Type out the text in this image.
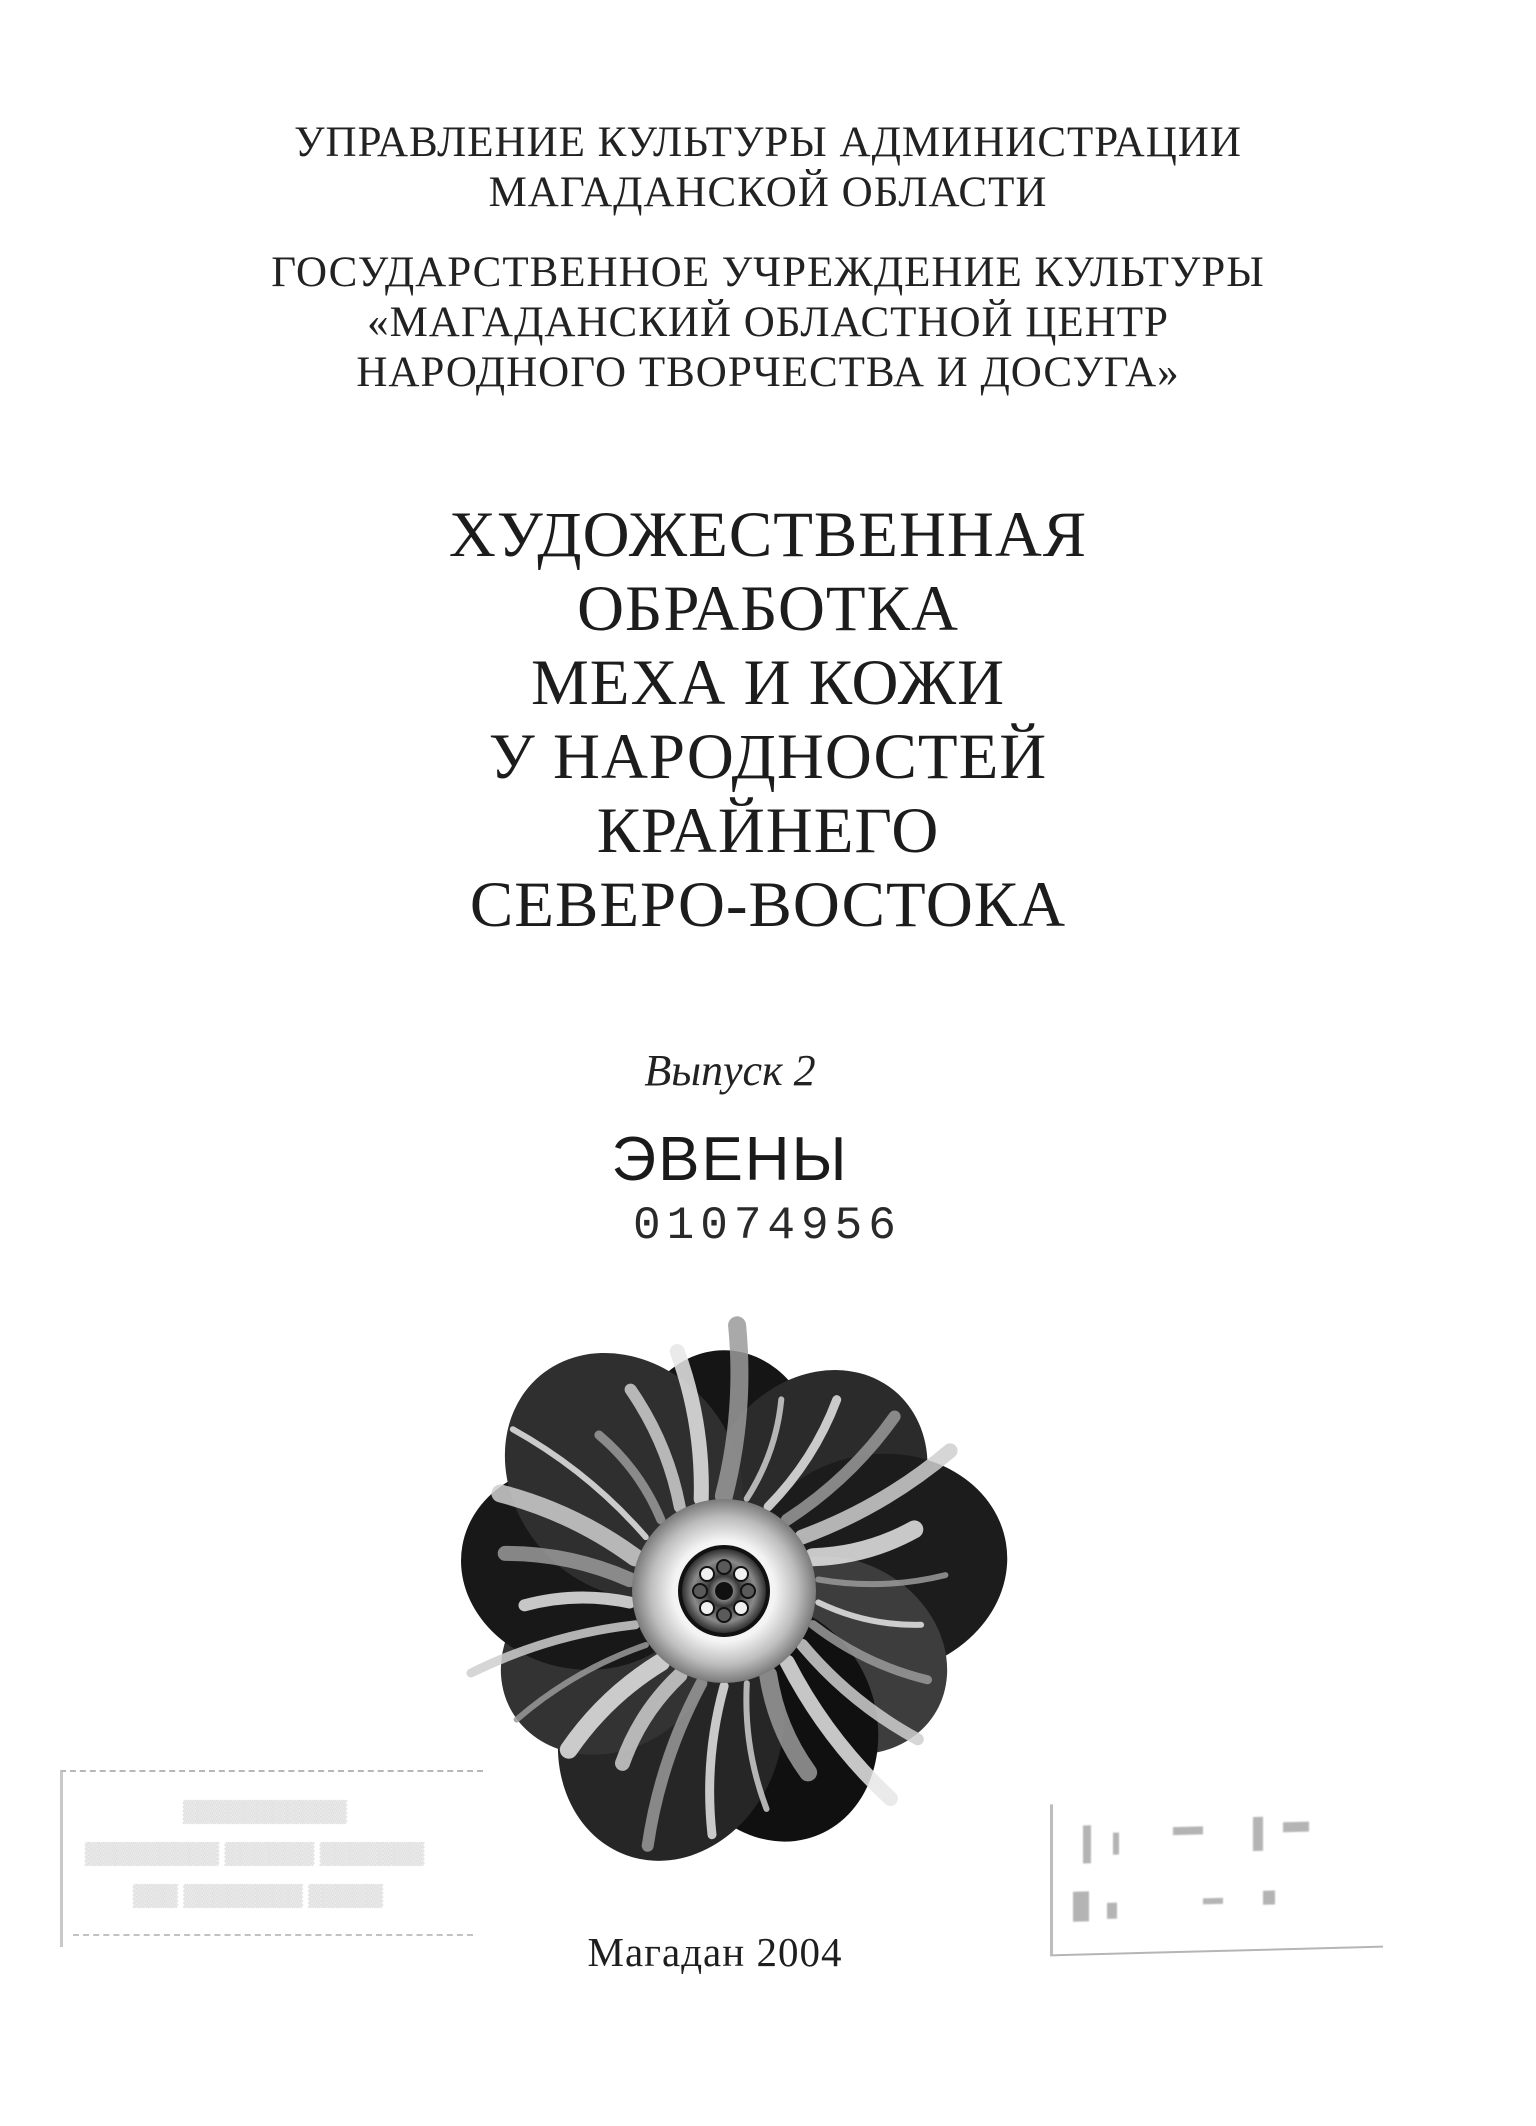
УПРАВЛЕНИЕ КУЛЬТУРЫ АДМИНИСТРАЦИИ
МАГАДАНСКОЙ ОБЛАСТИ
ГОСУДАРСТВЕННОЕ УЧРЕЖДЕНИЕ КУЛЬТУРЫ
«МАГАДАНСКИЙ ОБЛАСТНОЙ ЦЕНТР
НАРОДНОГО ТВОРЧЕСТВА И ДОСУГА»
ХУДОЖЕСТВЕННАЯ
ОБРАБОТКА
МЕХА И КОЖИ
У НАРОДНОСТЕЙ
КРАЙНЕГО
СЕВЕРО-ВОСТОКА
Выпуск 2
ЭВЕНЫ
01074956
▒▒▒▒▒▒▒▒▒▒▒
▒▒▒▒▒▒▒▒▒ ▒▒▒▒▒▒ ▒▒▒▒▒▒▒
▒▒▒ ▒▒▒▒▒▒▒▒ ▒▒▒▒▒
Магадан 2004
